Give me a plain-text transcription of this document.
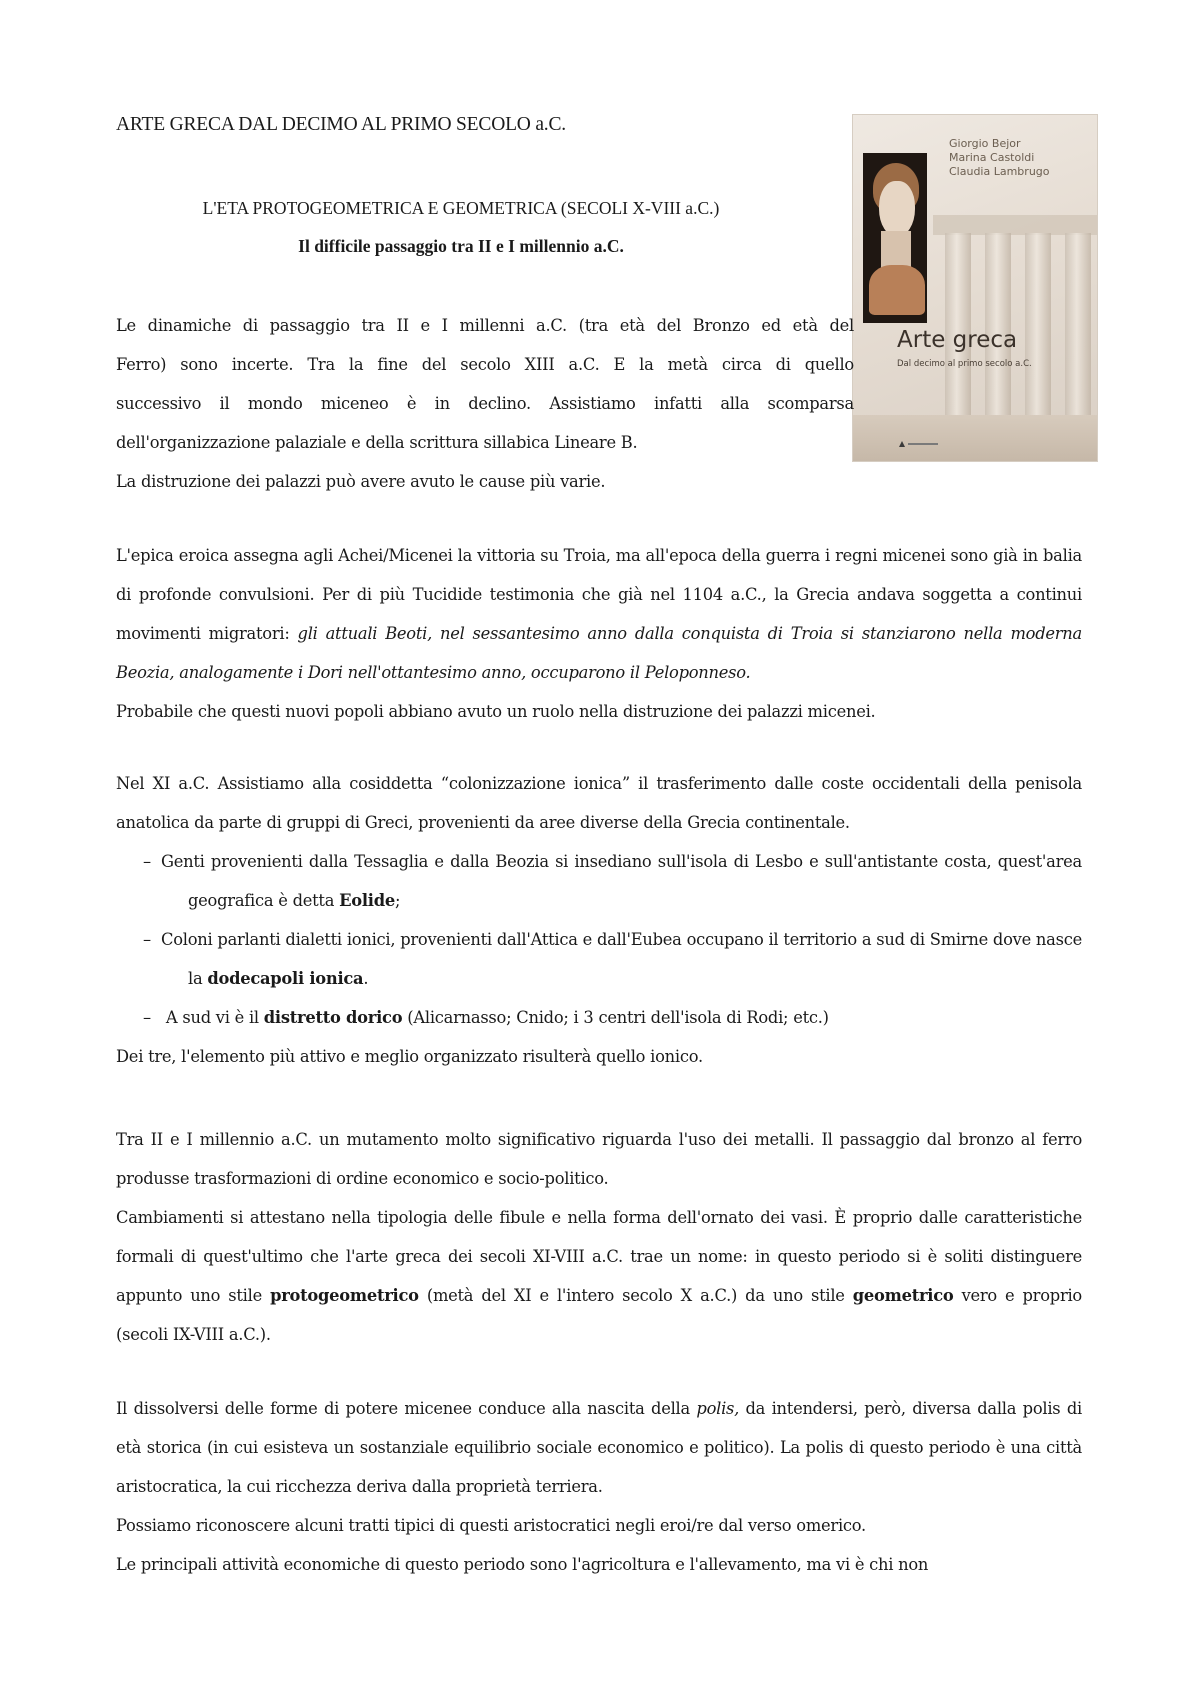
ARTE GRECA DAL DECIMO AL PRIMO SECOLO a.C.
Giorgio Bejor
Marina Castoldi
Claudia Lambrugo
Arte greca
Dal decimo al primo secolo a.C.
L'ETA PROTOGEOMETRICA E GEOMETRICA (SECOLI X-VIII a.C.)
Il difficile passaggio tra II e I millennio a.C.
Le dinamiche di passaggio tra II e I millenni a.C. (tra età del Bronzo ed età del
Ferro) sono incerte. Tra la fine del secolo XIII a.C. E la metà circa di quello
successivo il mondo miceneo è in declino. Assistiamo infatti alla scomparsa
dell'organizzazione palaziale e della scrittura sillabica Lineare B.
La distruzione dei palazzi può avere avuto le cause più varie.

L'epica eroica assegna agli Achei/Micenei la vittoria su Troia, ma all'epoca della guerra i regni micenei sono già in balia di profonde convulsioni. Per di più Tucidide testimonia che già nel 1104 a.C., la Grecia andava soggetta a continui movimenti migratori: gli attuali Beoti, nel sessantesimo anno dalla conquista di Troia si stanziarono nella moderna Beozia, analogamente i Dori nell'ottantesimo anno, occuparono il Peloponneso.

Probabile che questi nuovi popoli abbiano avuto un ruolo nella distruzione dei palazzi micenei.

Nel XI a.C. Assistiamo alla cosiddetta “colonizzazione ionica” il trasferimento dalle coste occidentali della penisola anatolica da parte di gruppi di Greci, provenienti da aree diverse della Grecia continentale.

– Genti provenienti dalla Tessaglia e dalla Beozia si insediano sull'isola di Lesbo e sull'antistante costa, quest'area geografica è detta Eolide;
– Coloni parlanti dialetti ionici, provenienti dall'Attica e dall'Eubea occupano il territorio a sud di Smirne dove nasce la dodecapoli ionica.
– A sud vi è il distretto dorico (Alicarnasso; Cnido; i 3 centri dell'isola di Rodi; etc.)

Dei tre, l'elemento più attivo e meglio organizzato risulterà quello ionico.

Tra II e I millennio a.C. un mutamento molto significativo riguarda l'uso dei metalli. Il passaggio dal bronzo al ferro produsse trasformazioni di ordine economico e socio-politico.

Cambiamenti si attestano nella tipologia delle fibule e nella forma dell'ornato dei vasi. È proprio dalle caratteristiche formali di quest'ultimo che l'arte greca dei secoli XI-VIII a.C. trae un nome: in questo periodo si è soliti distinguere appunto uno stile protogeometrico (metà del XI e l'intero secolo X a.C.) da uno stile geometrico vero e proprio (secoli IX-VIII a.C.).

Il dissolversi delle forme di potere micenee conduce alla nascita della polis, da intendersi, però, diversa dalla polis di età storica (in cui esisteva un sostanziale equilibrio sociale economico e politico). La polis di questo periodo è una città aristocratica, la cui ricchezza deriva dalla proprietà terriera.

Possiamo riconoscere alcuni tratti tipici di questi aristocratici negli eroi/re dal verso omerico.

Le principali attività economiche di questo periodo sono l'agricoltura e l'allevamento, ma vi è chi non
